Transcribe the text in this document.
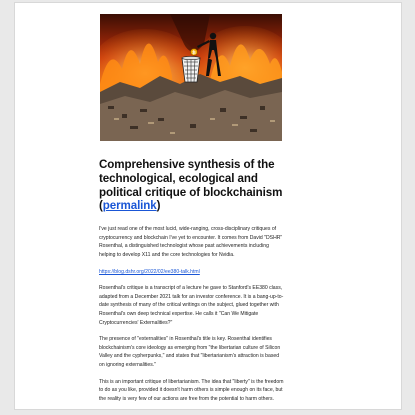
₿
Comprehensive synthesis of the technological, ecological and political critique of blockchainism (permalink)

I've just read one of the most lucid, wide-ranging, cross-disciplinary critiques of cryptocurrency and blockchain I've yet to encounter. It comes from David "DSHR" Rosenthal, a distinguished technologist whose past achievements including helping to develop X11 and the core technologies for Nvidia.

https://blog.dshr.org/2022/02/ee380-talk.html

Rosenthal's critique is a transcript of a lecture he gave to Stanford's EE380 class, adapted from a December 2021 talk for an investor conference. It is a bang-up-to-date synthesis of many of the critical writings on the subject, glued together with Rosenthal's own deep technical expertise. He calls it "Can We Mitigate Cryptocurrencies' Externalities?"

The presence of "externalities" in Rosenthal's title is key. Rosenthal identifies blockchainism's core ideology as emerging from "the libertarian culture of Silicon Valley and the cypherpunks," and states that "libertarianism's attraction is based on ignoring externalities."

This is an important critique of libertarianism. The idea that "liberty" is the freedom to do as you like, provided it doesn't harm others is simple enough on its face, but the reality is very few of our actions are free from the potential to harm others.
